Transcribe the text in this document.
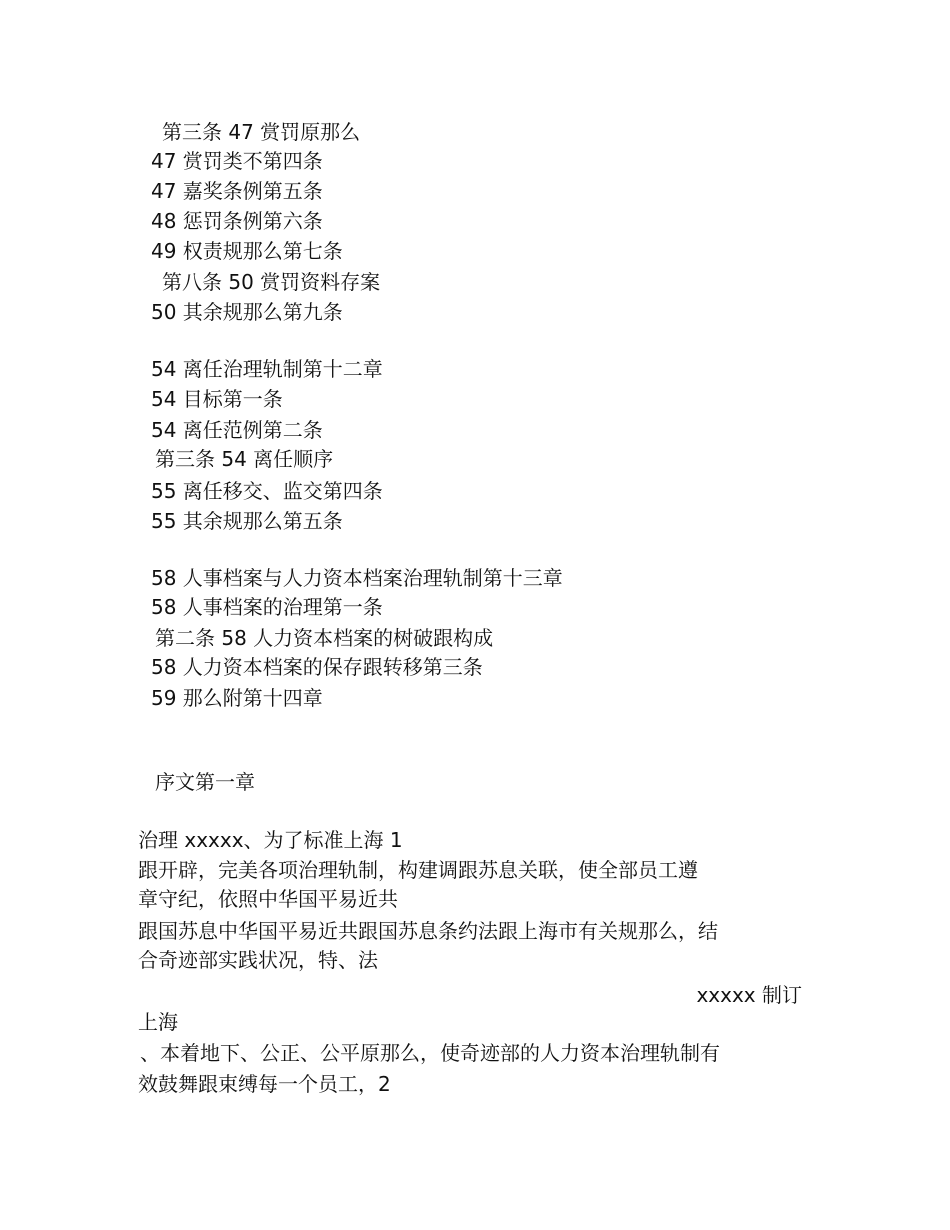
第三条 47 赏罚原那么
47 赏罚类不第四条
47 嘉奖条例第五条
48 惩罚条例第六条
49 权责规那么第七条
第八条 50 赏罚资料存案
50 其余规那么第九条
54 离任治理轨制第十二章
54 目标第一条
54 离任范例第二条
第三条 54 离任顺序
55 离任移交、监交第四条
55 其余规那么第五条
58 人事档案与人力资本档案治理轨制第十三章
58 人事档案的治理第一条
第二条 58 人力资本档案的树破跟构成
58 人力资本档案的保存跟转移第三条
59 那么附第十四章
序文第一章
治理 xxxxx、为了标准上海 1
跟开辟，完美各项治理轨制，构建调跟苏息关联，使全部员工遵
章守纪，依照中华国平易近共
跟国苏息中华国平易近共跟国苏息条约法跟上海市有关规那么，结
合奇迹部实践状况，特、法
xxxxx 制订
上海
、本着地下、公正、公平原那么，使奇迹部的人力资本治理轨制有
效鼓舞跟束缚每一个员工，2
